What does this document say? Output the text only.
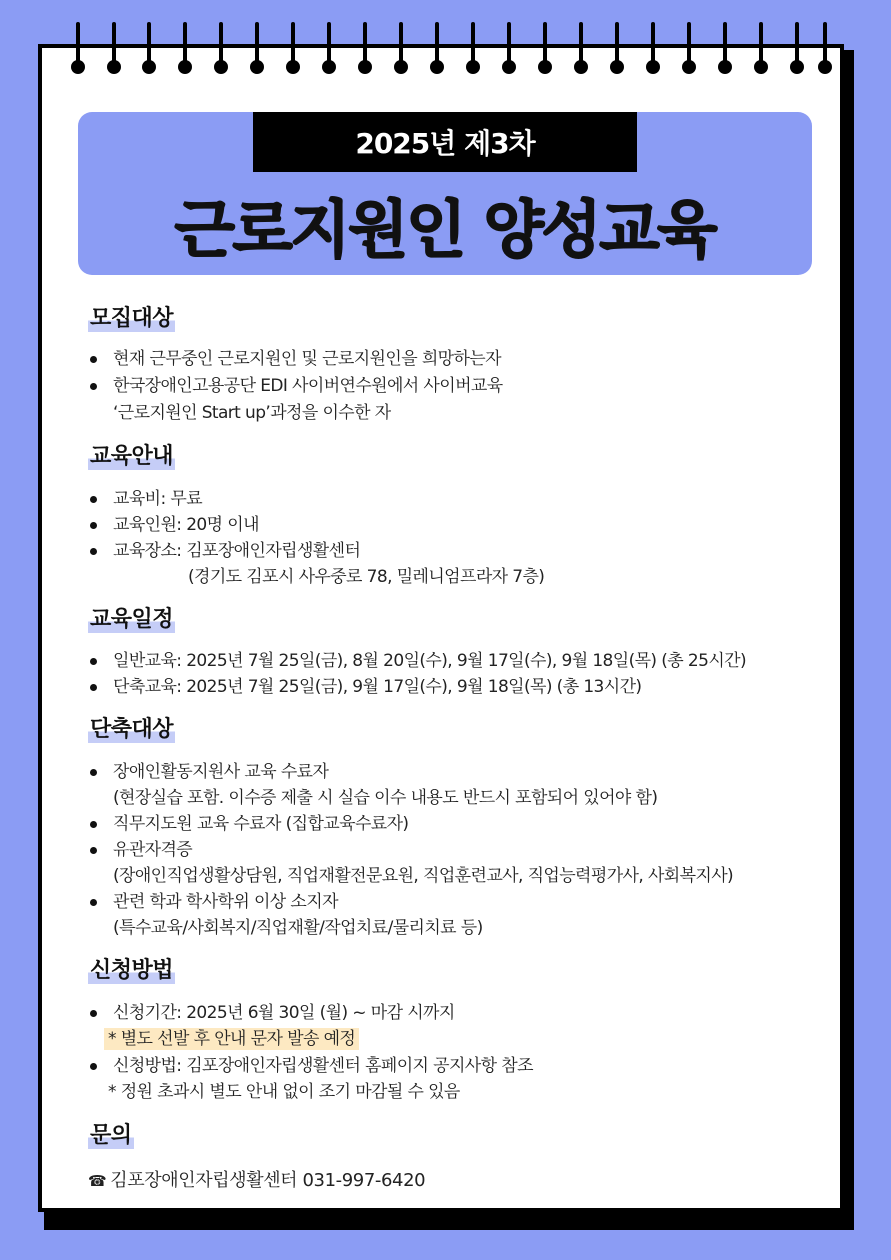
2025년 제3차
근로지원인 양성교육
모집대상
현재 근무중인 근로지원인 및 근로지원인을 희망하는자
한국장애인고용공단 EDI 사이버연수원에서 사이버교육
‘근로지원인 Start up’과정을 이수한 자
교육안내
교육비: 무료
교육인원: 20명 이내
교육장소: 김포장애인자립생활센터
(경기도 김포시 사우중로 78, 밀레니엄프라자 7층)
교육일정
일반교육: 2025년 7월 25일(금), 8월 20일(수), 9월 17일(수), 9월 18일(목) (총 25시간)
단축교육: 2025년 7월 25일(금), 9월 17일(수), 9월 18일(목) (총 13시간)
단축대상
장애인활동지원사 교육 수료자
(현장실습 포함. 이수증 제출 시 실습 이수 내용도 반드시 포함되어 있어야 함)
직무지도원 교육 수료자 (집합교육수료자)
유관자격증
(장애인직업생활상담원, 직업재활전문요원, 직업훈련교사, 직업능력평가사, 사회복지사)
관련 학과 학사학위 이상 소지자
(특수교육/사회복지/직업재활/작업치료/물리치료 등)
신청방법
신청기간: 2025년 6월 30일 (월) ~ 마감 시까지
* 별도 선발 후 안내 문자 발송 예정
신청방법: 김포장애인자립생활센터 홈페이지 공지사항 참조
* 정원 초과시 별도 안내 없이 조기 마감될 수 있음
문의
☎ 김포장애인자립생활센터 031-997-6420
